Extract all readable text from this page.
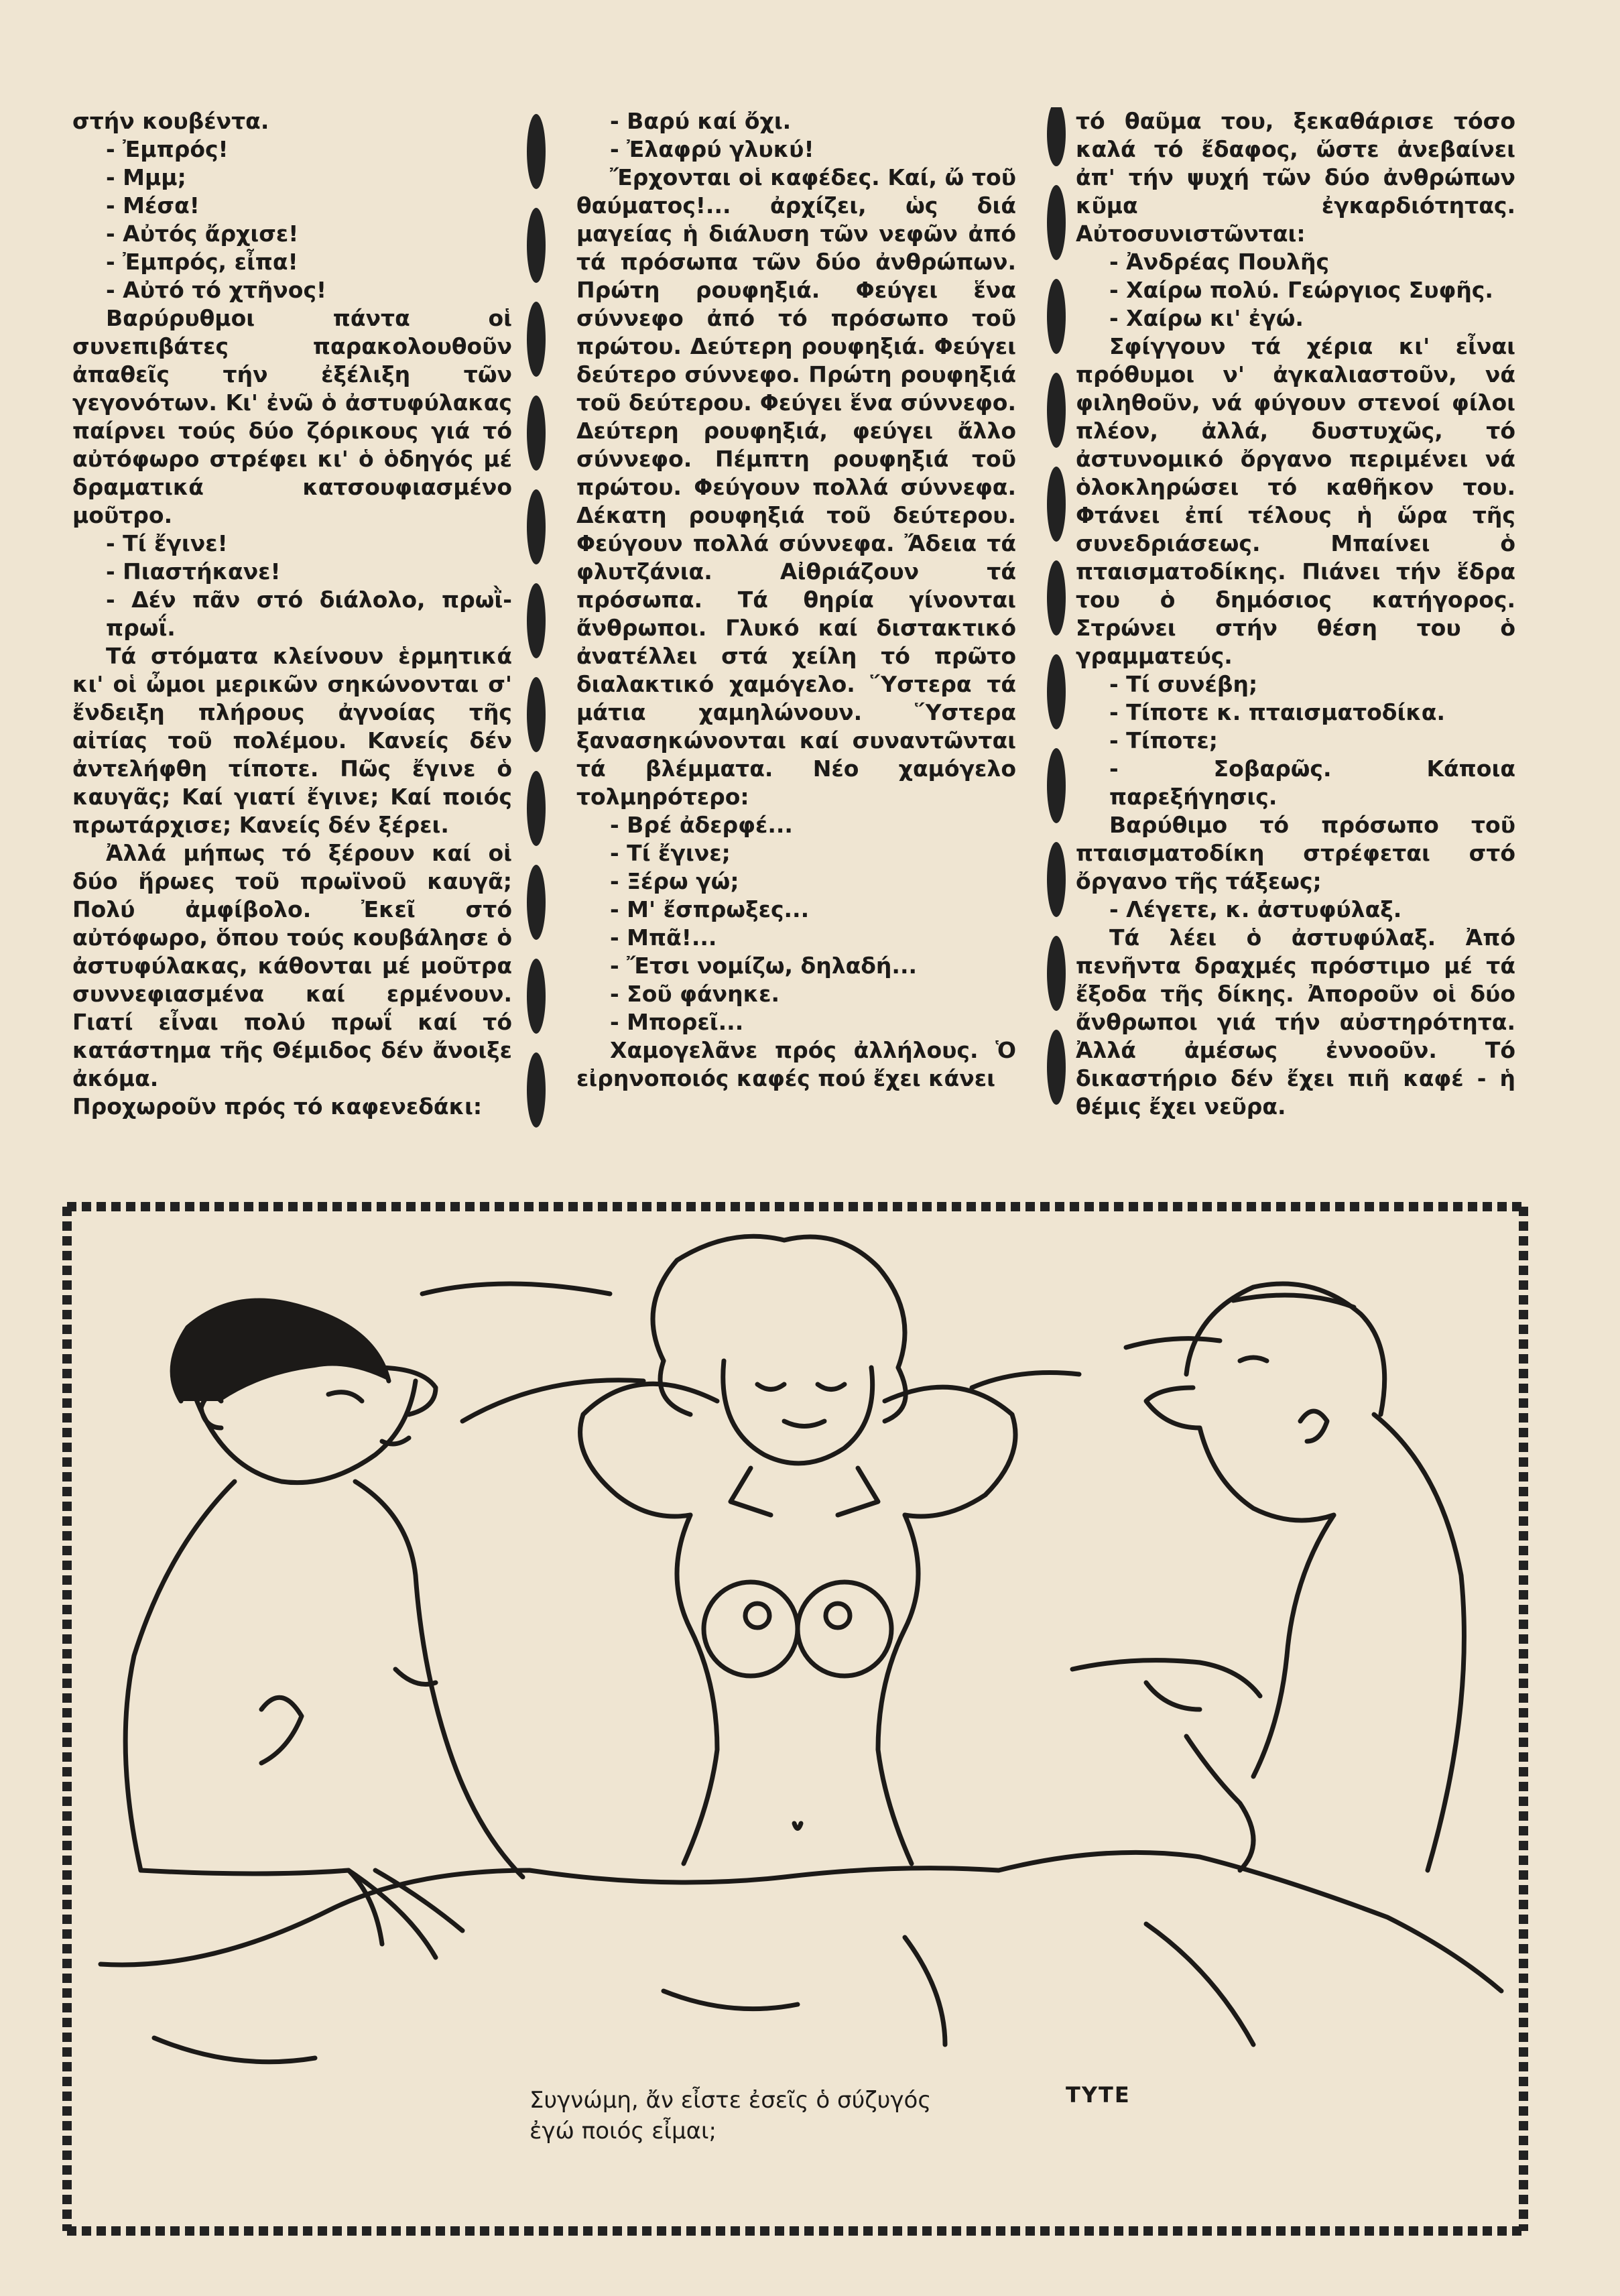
στήν κουβέντα.

- Ἐμπρός!

- Μμμ;

- Μέσα!

- Αὐτός ἄρχισε!

- Ἐμπρός, εἶπα!

- Αὐτό τό χτῆνος!

Βαρύρυθμοι πάντα οἱ συνεπιβάτες παρακολουθοῦν ἀπαθεῖς τήν ἐξέλιξη τῶν γεγονότων. Κι' ἐνῶ ὁ ἀστυφύλακας παίρνει τούς δύο ζόρικους γιά τό αὐτόφωρο στρέφει κι' ὁ ὁδηγός μέ δραματικά κατσουφιασμένο μοῦτρο.

- Τί ἔγινε!

- Πιαστήκανε!

- Δέν πᾶν στό διάλολο, πρωῒ-πρωΐ.

Τά στόματα κλείνουν ἑρμητικά κι' οἱ ὦμοι μερικῶν σηκώνονται σ' ἔνδειξη πλήρους ἀγνοίας τῆς αἰτίας τοῦ πολέμου. Κανείς δέν ἀντελήφθη τίποτε. Πῶς ἔγινε ὁ καυγᾶς; Καί γιατί ἔγινε; Καί ποιός πρωτάρχισε; Κανείς δέν ξέρει.

Ἀλλά μήπως τό ξέρουν καί οἱ δύο ἥρωες τοῦ πρωϊνοῦ καυγᾶ; Πολύ ἀμφίβολο. Ἐκεῖ στό αὐτόφωρο, ὅπου τούς κουβάλησε ὁ ἀστυφύλακας, κάθονται μέ μοῦτρα συννεφιασμένα καί ερμένουν. Γιατί εἶναι πολύ πρωΐ καί τό κατάστημα τῆς Θέμιδος δέν ἄνοιξε ἀκόμα.

Προχωροῦν πρός τό καφενεδάκι:

- Βαρύ καί ὄχι.

- Ἐλαφρύ γλυκύ!

Ἔρχονται οἱ καφέδες. Καί, ὤ τοῦ θαύματος!... ἀρχίζει, ὡς διά μαγείας ἡ διάλυση τῶν νεφῶν ἀπό τά πρόσωπα τῶν δύο ἀνθρώπων. Πρώτη ρουφηξιά. Φεύγει ἕνα σύννεφο ἀπό τό πρόσωπο τοῦ πρώτου. Δεύτερη ρουφηξιά. Φεύγει δεύτερο σύννεφο. Πρώτη ρουφηξιά τοῦ δεύτερου. Φεύγει ἕνα σύννεφο. Δεύτερη ρουφηξιά, φεύγει ἄλλο σύννεφο. Πέμπτη ρουφηξιά τοῦ πρώτου. Φεύγουν πολλά σύννεφα. Δέκατη ρουφηξιά τοῦ δεύτερου. Φεύγουν πολλά σύννεφα. Ἄδεια τά φλυτζάνια. Αἰθριάζουν τά πρόσωπα. Τά θηρία γίνονται ἄνθρωποι. Γλυκό καί διστακτικό ἀνατέλλει στά χείλη τό πρῶτο διαλακτικό χαμόγελο. Ὕστερα τά μάτια χαμηλώνουν. Ὕστερα ξανασηκώνονται καί συναντῶνται τά βλέμματα. Νέο χαμόγελο τολμηρότερο:

- Βρέ ἀδερφέ...

- Τί ἔγινε;

- Ξέρω γώ;

- Μ' ἔσπρωξες...

- Μπᾶ!...

- Ἔτσι νομίζω, δηλαδή...

- Σοῦ φάνηκε.

- Μπορεῖ...

Χαμογελᾶνε πρός ἀλλήλους. Ὁ εἰρηνοποιός καφές πού ἔχει κάνει

τό θαῦμα του, ξεκαθάρισε τόσο καλά τό ἔδαφος, ὥστε ἀνεβαίνει ἀπ' τήν ψυχή τῶν δύο ἀνθρώπων κῦμα ἐγκαρδιότητας. Αὐτοσυνιστῶνται:

- Ἀνδρέας Πουλῆς

- Χαίρω πολύ. Γεώργιος Συφῆς.

- Χαίρω κι' ἐγώ.

Σφίγγουν τά χέρια κι' εἶναι πρόθυμοι ν' ἀγκαλιαστοῦν, νά φιληθοῦν, νά φύγουν στενοί φίλοι πλέον, ἀλλά, δυστυχῶς, τό ἀστυνομικό ὄργανο περιμένει νά ὁλοκληρώσει τό καθῆκον του. Φτάνει ἐπί τέλους ἡ ὥρα τῆς συνεδριάσεως. Μπαίνει ὁ πταισματοδίκης. Πιάνει τήν ἕδρα του ὁ δημόσιος κατήγορος. Στρώνει στήν θέση του ὁ γραμματεύς.

- Τί συνέβη;

- Τίποτε κ. πταισματοδίκα.

- Τίποτε;

- Σοβαρῶς. Κάποια παρεξήγησις.

Βαρύθιμο τό πρόσωπο τοῦ πταισματοδίκη στρέφεται στό ὄργανο τῆς τάξεως;

- Λέγετε, κ. ἀστυφύλαξ.

Τά λέει ὁ ἀστυφύλαξ. Ἀπό πενῆντα δραχμές πρόστιμο μέ τά ἔξοδα τῆς δίκης. Ἀπορoῦν οἱ δύο ἄνθρωποι γιά τήν αὐστηρότητα. Ἀλλά ἀμέσως ἐννοοῦν. Τό δικαστήριο δέν ἔχει πιῆ καφέ - ἡ θέμις ἔχει νεῦρα.

Συγνώμη, ἄν εἶστε ἐσεῖς ὁ σύζυγός
ἐγώ ποιός εἶμαι;
ΤΥΤΕ
